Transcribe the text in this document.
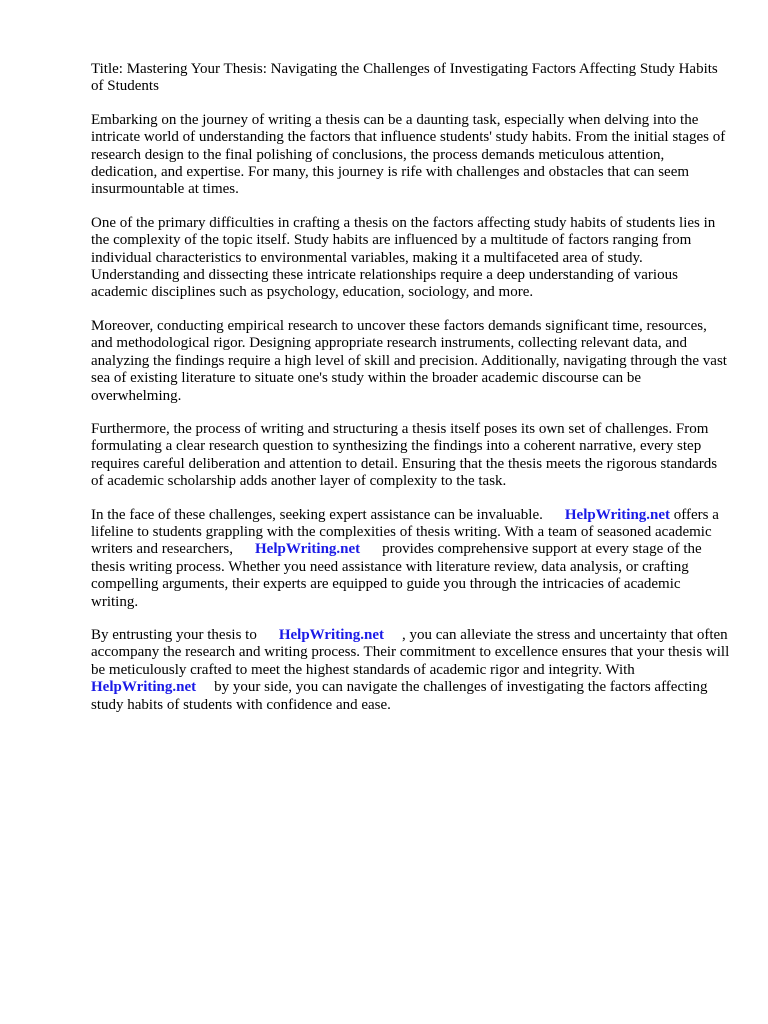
Title: Mastering Your Thesis: Navigating the Challenges of Investigating Factors Affecting Study Habits of Students

Embarking on the journey of writing a thesis can be a daunting task, especially when delving into the intricate world of understanding the factors that influence students' study habits. From the initial stages of research design to the final polishing of conclusions, the process demands meticulous attention, dedication, and expertise. For many, this journey is rife with challenges and obstacles that can seem insurmountable at times.

One of the primary difficulties in crafting a thesis on the factors affecting study habits of students lies in the complexity of the topic itself. Study habits are influenced by a multitude of factors ranging from individual characteristics to environmental variables, making it a multifaceted area of study. Understanding and dissecting these intricate relationships require a deep understanding of various academic disciplines such as psychology, education, sociology, and more.

Moreover, conducting empirical research to uncover these factors demands significant time, resources, and methodological rigor. Designing appropriate research instruments, collecting relevant data, and analyzing the findings require a high level of skill and precision. Additionally, navigating through the vast sea of existing literature to situate one's study within the broader academic discourse can be overwhelming.

Furthermore, the process of writing and structuring a thesis itself poses its own set of challenges. From formulating a clear research question to synthesizing the findings into a coherent narrative, every step requires careful deliberation and attention to detail. Ensuring that the thesis meets the rigorous standards of academic scholarship adds another layer of complexity to the task.

In the face of these challenges, seeking expert assistance can be invaluable. HelpWriting.net offers a lifeline to students grappling with the complexities of thesis writing. With a team of seasoned academic writers and researchers, HelpWriting.net provides comprehensive support at every stage of the thesis writing process. Whether you need assistance with literature review, data analysis, or crafting compelling arguments, their experts are equipped to guide you through the intricacies of academic writing.

By entrusting your thesis to HelpWriting.net , you can alleviate the stress and uncertainty that often accompany the research and writing process. Their commitment to excellence ensures that your thesis will be meticulously crafted to meet the highest standards of academic rigor and integrity. WithHelpWriting.net by your side, you can navigate the challenges of investigating the factors affecting study habits of students with confidence and ease.
